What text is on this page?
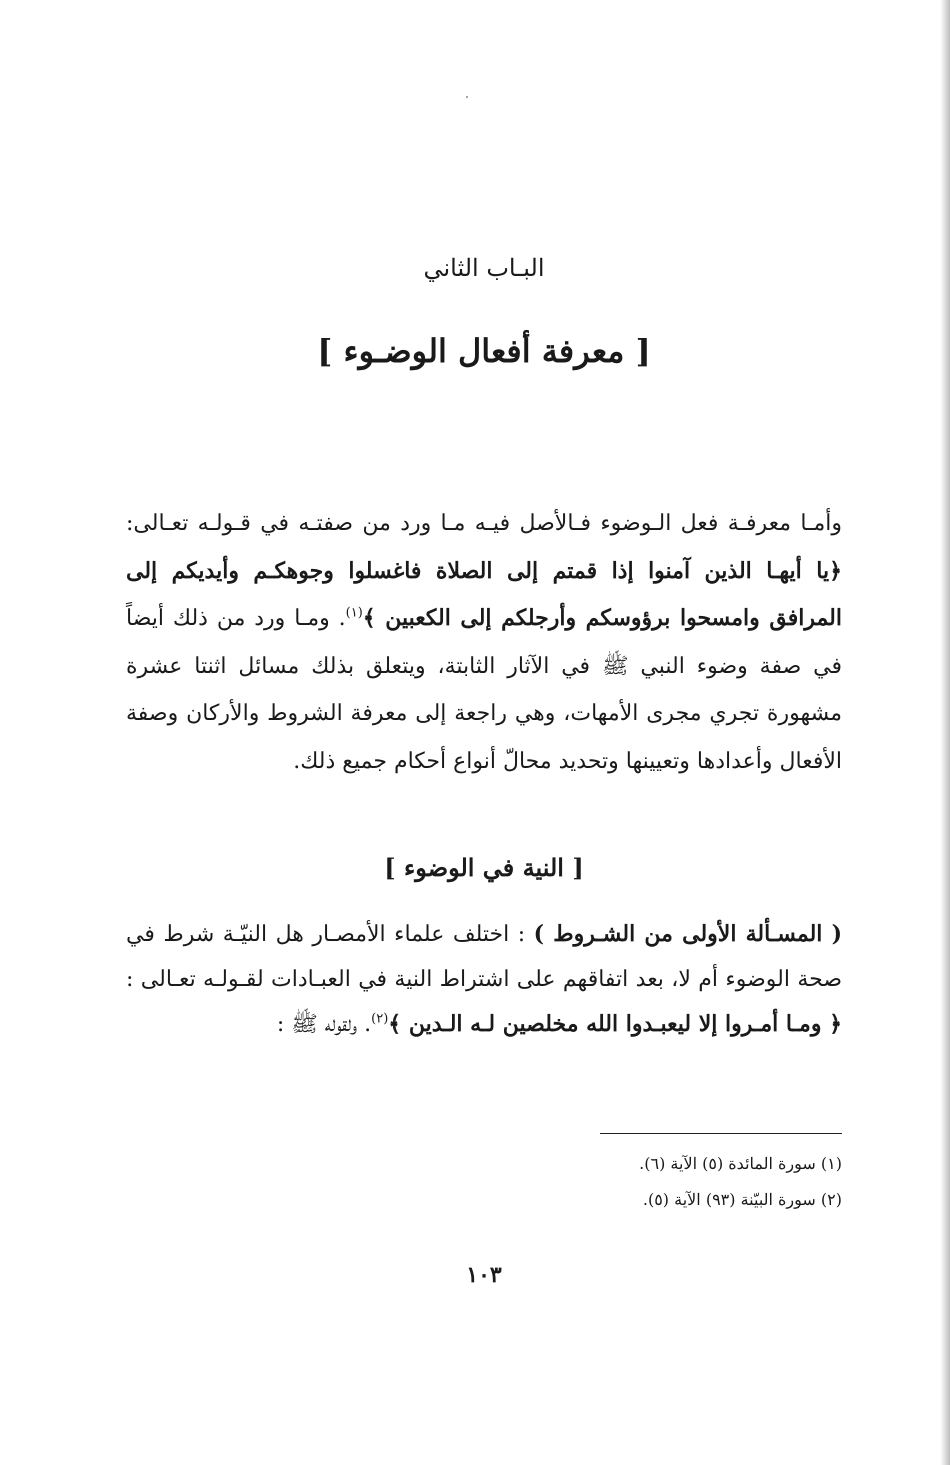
البـاب الثاني
[ معرفة أفعال الوضـوء ]

وأمـا معرفـة فعل الـوضوء فـالأصل فيـه مـا ورد من صفتـه في قـولـه تعـالى: ﴿يا أيهـا الذين آمنوا إذا قمتم إلى الصلاة فاغسلوا وجوهكـم وأيديكم إلى المرافق وامسحوا برؤوسكم وأرجلكم إلى الكعبين ﴾$^{(١)}$. ومـا ورد من ذلك أيضاً في صفة وضوء النبي ﷺ في الآثار الثابتة، ويتعلق بذلك مسائل اثنتا عشرة مشهورة تجري مجرى الأمهات، وهي راجعة إلى معرفة الشروط والأركان وصفة الأفعال وأعدادها وتعيينها وتحديد محالّ أنواع أحكام جميع ذلك.

[ النية في الوضوء ]

( المسـألة الأولى من الشـروط ) : اختلف علماء الأمصـار هل النيّـة شرط في صحة الوضوء أم لا، بعد اتفاقهم على اشتراط النية في العبـادات لقـولـه تعـالى :﴿ ومـا أمـروا إلا ليعبـدوا الله مخلصين لـه الـدين ﴾$^{(٢)}$. ولقوله ﷺ :

(١) سورة المائدة (٥) الآية (٦).
(٢) سورة البيّنة (٩٣) الآية (٥).
١٠٣
